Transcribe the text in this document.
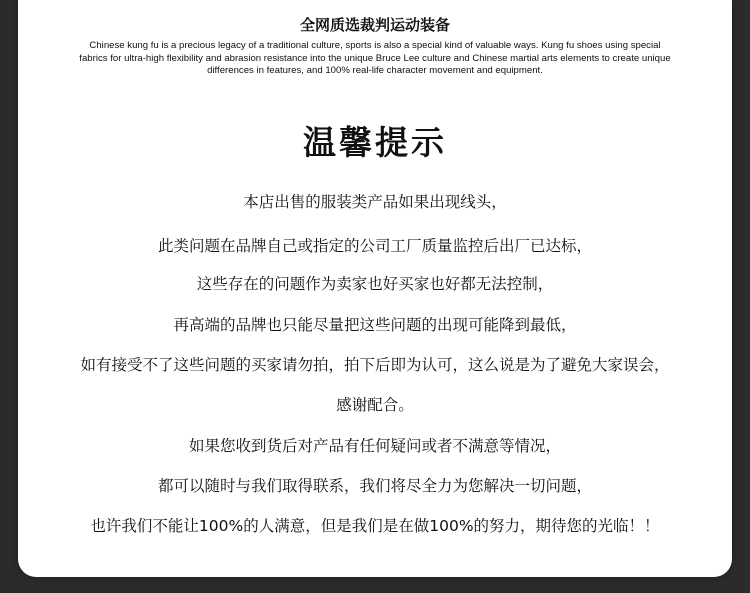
全网质选裁判运动装备
Chinese kung fu is a precious legacy of a traditional culture, sports is also a special kind of valuable ways. Kung fu shoes using special fabrics for ultra-high flexibility and abrasion resistance into the unique Bruce Lee culture and Chinese martial arts elements to create unique differences in features, and 100% real-life character movement and equipment.
温馨提示
本店出售的服装类产品如果出现线头，
此类问题在品牌自己或指定的公司工厂质量监控后出厂已达标，
这些存在的问题作为卖家也好买家也好都无法控制，
再高端的品牌也只能尽量把这些问题的出现可能降到最低，
如有接受不了这些问题的买家请勿拍，拍下后即为认可，这么说是为了避免大家误会，
感谢配合。
如果您收到货后对产品有任何疑问或者不满意等情况，
都可以随时与我们取得联系，我们将尽全力为您解决一切问题，
也许我们不能让100%的人满意，但是我们是在做100%的努力，期待您的光临！！
